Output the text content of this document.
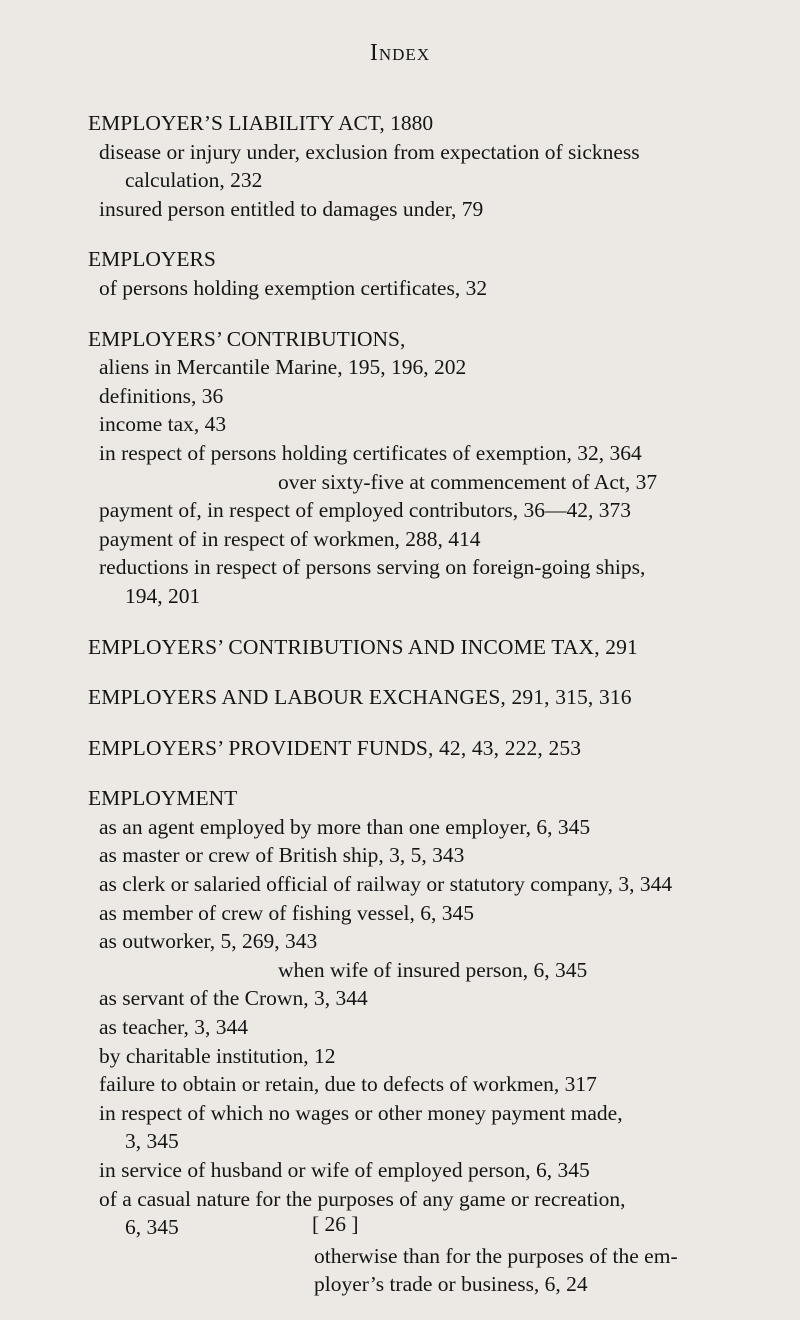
Index
EMPLOYER’S LIABILITY ACT, 1880
disease or injury under, exclusion from expectation of sickness
calculation, 232
insured person entitled to damages under, 79
EMPLOYERS
of persons holding exemption certificates, 32
EMPLOYERS’ CONTRIBUTIONS,
aliens in Mercantile Marine, 195, 196, 202
definitions, 36
income tax, 43
in respect of persons holding certificates of exemption, 32, 364
over sixty-five at commencement of Act, 37
payment of, in respect of employed contributors, 36—42, 373
payment of in respect of workmen, 288, 414
reductions in respect of persons serving on foreign-going ships,
194, 201
EMPLOYERS’ CONTRIBUTIONS AND INCOME TAX, 291
EMPLOYERS AND LABOUR EXCHANGES, 291, 315, 316
EMPLOYERS’ PROVIDENT FUNDS, 42, 43, 222, 253
EMPLOYMENT
as an agent employed by more than one employer, 6, 345
as master or crew of British ship, 3, 5, 343
as clerk or salaried official of railway or statutory company, 3, 344
as member of crew of fishing vessel, 6, 345
as outworker, 5, 269, 343
when wife of insured person, 6, 345
as servant of the Crown, 3, 344
as teacher, 3, 344
by charitable institution, 12
failure to obtain or retain, due to defects of workmen, 317
in respect of which no wages or other money payment made,
3, 345
in service of husband or wife of employed person, 6, 345
of a casual nature for the purposes of any game or recreation,
6, 345
otherwise than for the purposes of the em-
ployer’s trade or business, 6, 24
[ 26 ]
